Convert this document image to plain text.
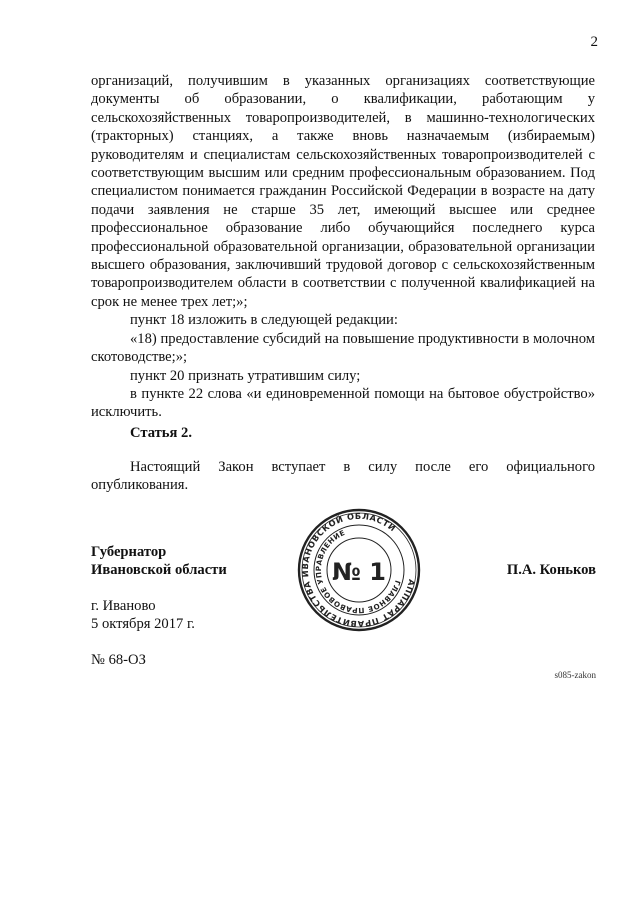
2

организаций, получившим в указанных организациях соответствующие документы об образовании, о квалификации, работающим у сельскохозяйственных товаропроизводителей, в машинно-технологических (тракторных) станциях, а также вновь назначаемым (избираемым) руководителям и специалистам сельскохозяйственных товаропроизводителей с соответствующим высшим или средним профессиональным образованием. Под специалистом понимается гражданин Российской Федерации в возрасте на дату подачи заявления не старше 35 лет, имеющий высшее или среднее профессиональное образование либо обучающийся последнего курса профессиональной образовательной организации, образовательной организации высшего образования, заключивший трудовой договор с сельскохозяйственным товаропроизводителем области в соответствии с полученной квалификацией на срок не менее трех лет;»;

пункт 18 изложить в следующей редакции:

«18) предоставление субсидий на повышение продуктивности в молочном скотоводстве;»;

пункт 20 признать утратившим силу;

в пункте 22 слова «и единовременной помощи на бытовое обустройство» исключить.

Статья 2.

Настоящий Закон вступает в силу после его официального опубликования.

Губернатор
Ивановской области	П.А. Коньков
АППАРАТ ПРАВИТЕЛЬСТВА ИВАНОВСКОЙ ОБЛАСТИ
ГЛАВНОЕ ПРАВОВОЕ УПРАВЛЕНИЕ
№ 1
г. Иваново
5 октября 2017 г.
№ 68-ОЗ
s085-zakon
